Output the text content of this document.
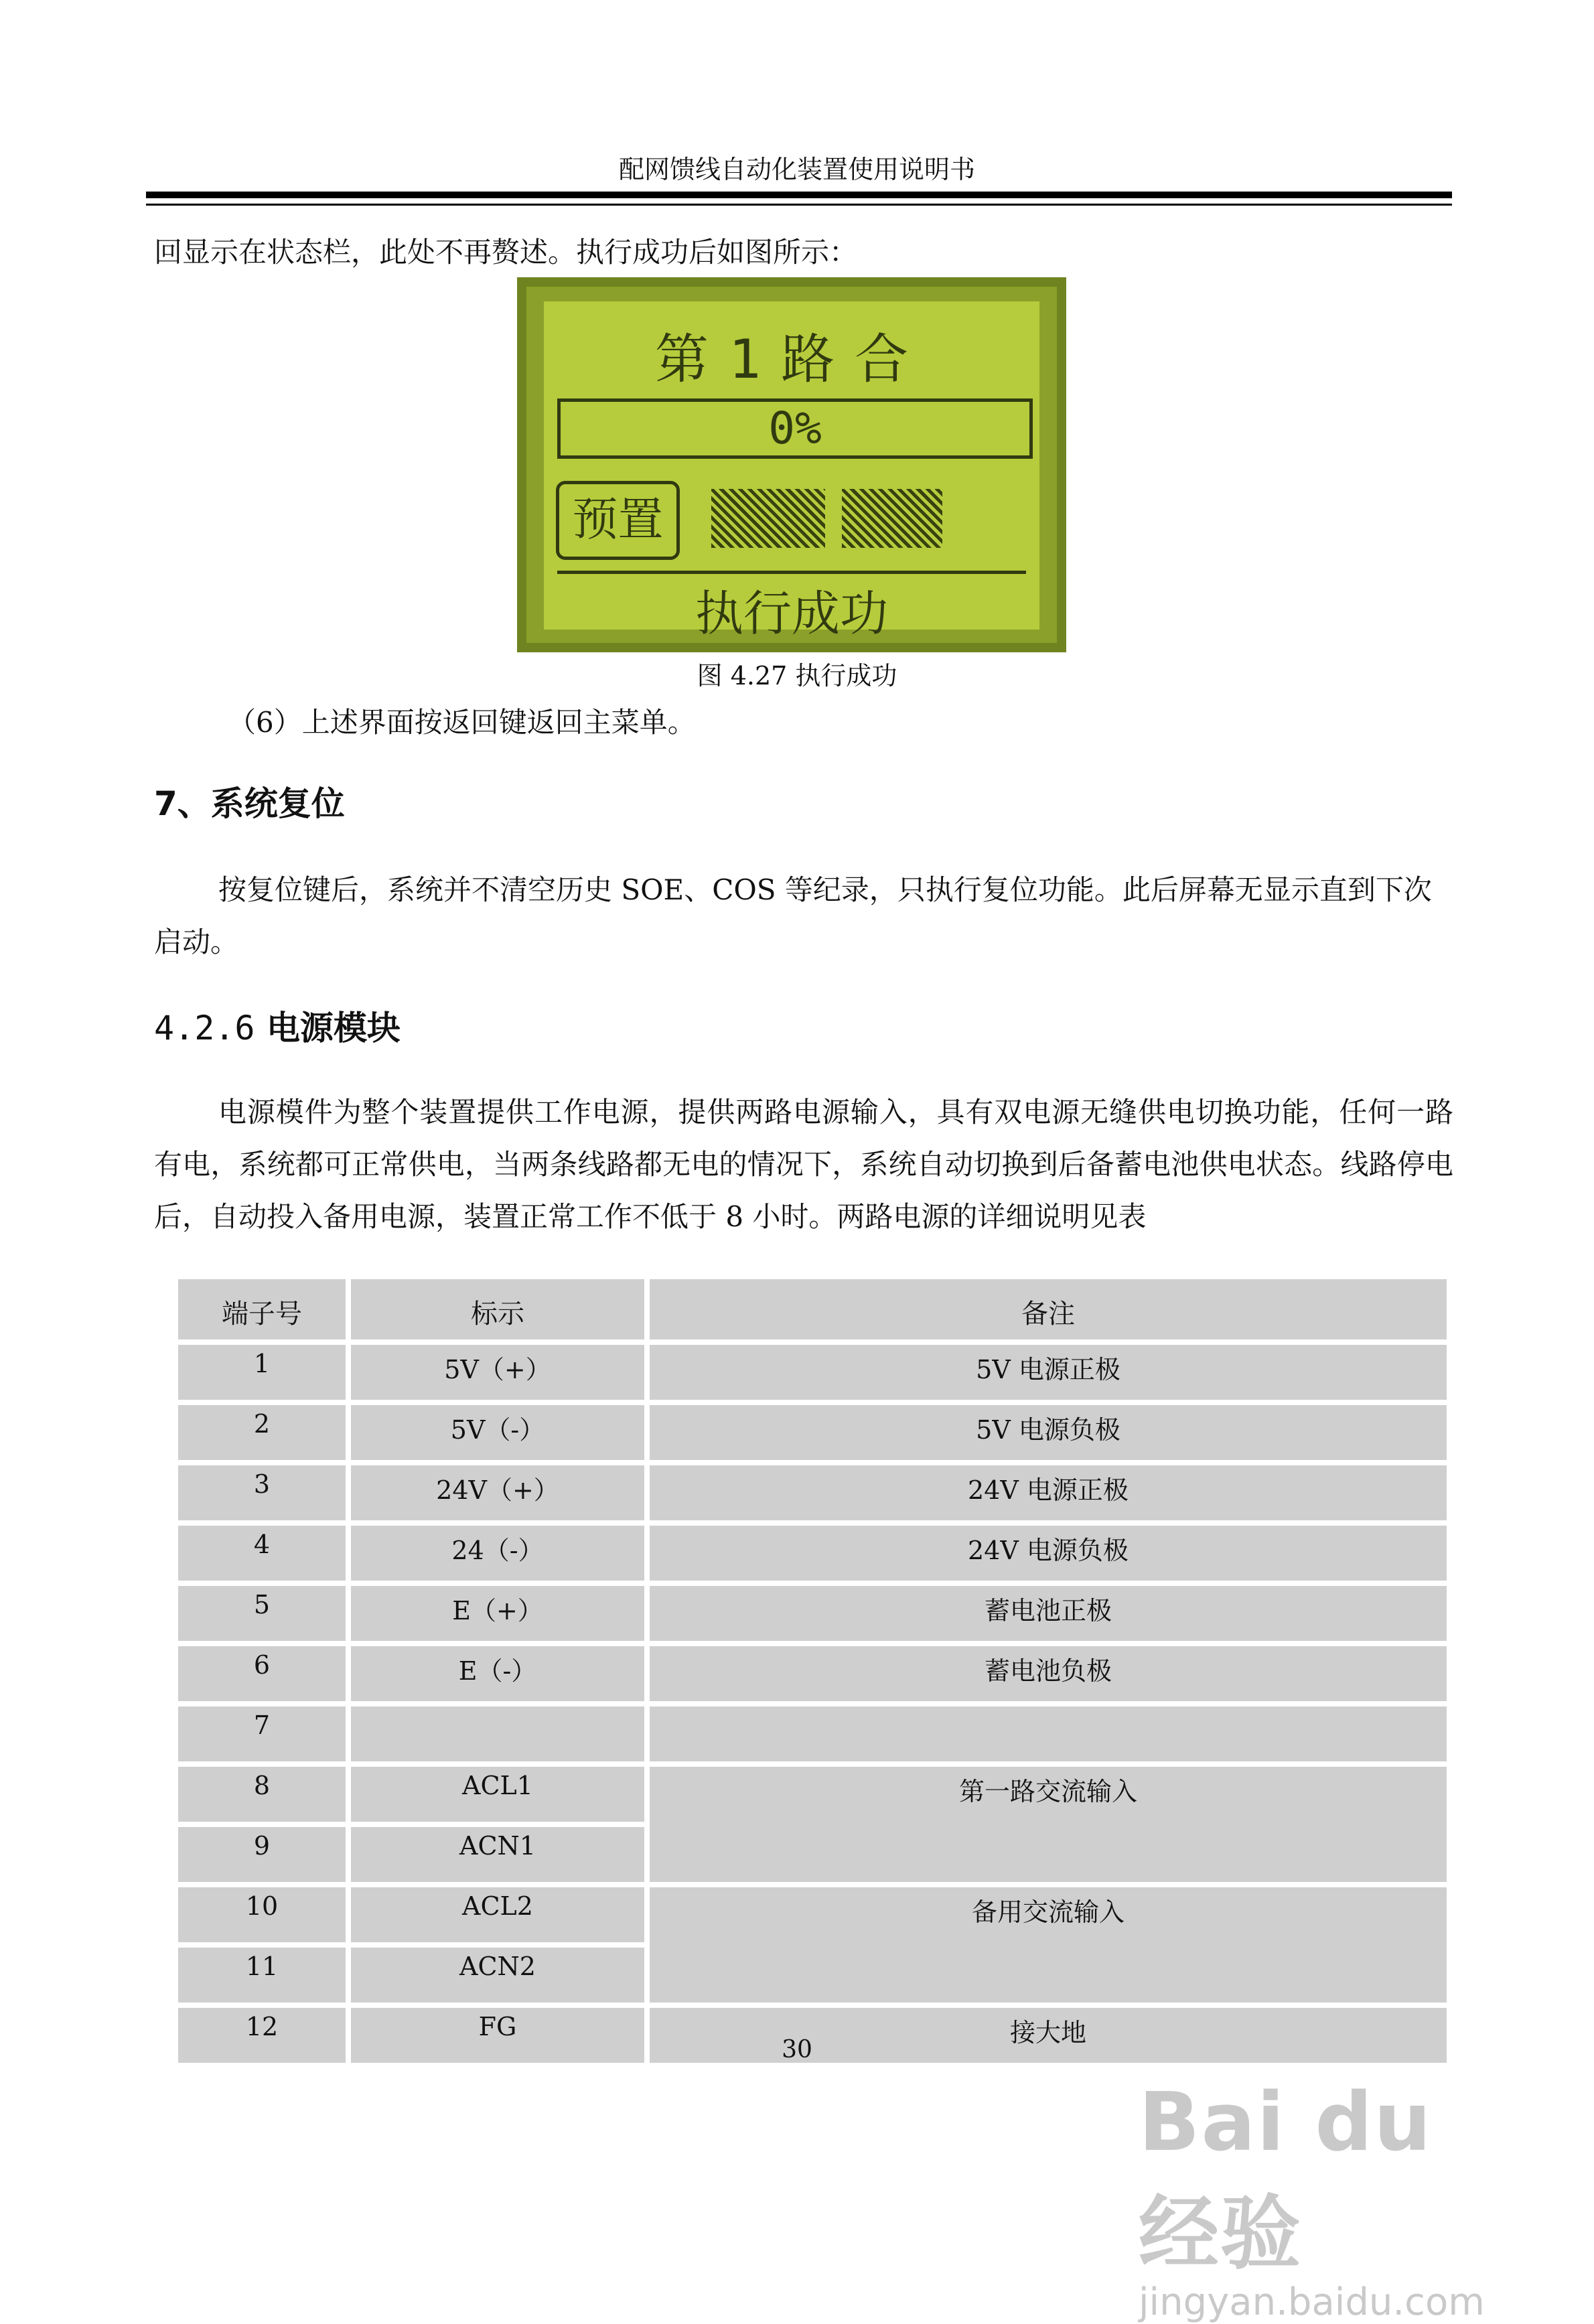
配网馈线自动化装置使用说明书
回显示在状态栏，此处不再赘述。执行成功后如图所示：
第1路合
0%
预置
执行成功
图 4.27 执行成功
（6）上述界面按返回键返回主菜单。
7、系统复位
按复位键后，系统并不清空历史 SOE、COS 等纪录，只执行复位功能。此后屏幕无显示直到下次启动。
4.2.6 电源模块
电源模件为整个装置提供工作电源，提供两路电源输入，具有双电源无缝供电切换功能，任何一路有电，系统都可正常供电，当两条线路都无电的情况下，系统自动切换到后备蓄电池供电状态。线路停电后，自动投入备用电源，装置正常工作不低于 8 小时。两路电源的详细说明见表
端子号	标示	备注
1	5V（+）	5V 电源正极
2	5V（-）	5V 电源负极
3	24V（+）	24V 电源正极
4	24（-）	24V 电源负极
5	E（+）	蓄电池正极
6	E（-）	蓄电池负极
7		
8	ACL1	第一路交流输入
9	ACN1	
10	ACL2	备用交流输入
11	ACN2	
12	FG	接大地
30
Bai du 经验
jingyan.baidu.com
